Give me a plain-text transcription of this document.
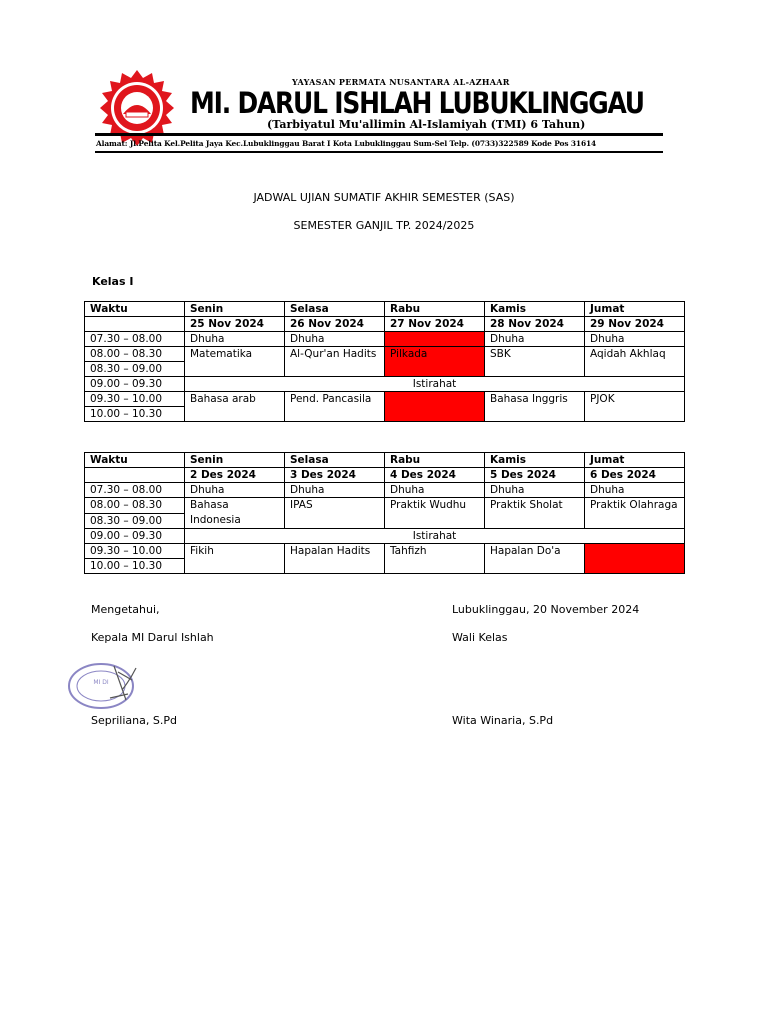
YAYASAN PERMATA NUSANTARA AL-AZHAAR
MI. DARUL ISHLAH LUBUKLINGGAU
(Tarbiyatul Mu'allimin Al-Islamiyah (TMI) 6 Tahun)
Alamat: Jl.Pelita Kel.Pelita Jaya Kec.Lubuklinggau Barat I Kota Lubuklinggau Sum-Sel Telp. (0733)322589 Kode Pos 31614
JADWAL UJIAN SUMATIF AKHIR SEMESTER (SAS)
SEMESTER GANJIL TP. 2024/2025
Kelas I
Waktu	Senin	Selasa	Rabu	Kamis	Jumat
	25 Nov 2024	26 Nov 2024	27 Nov 2024	28 Nov 2024	29 Nov 2024
07.30 – 08.00	Dhuha	Dhuha		Dhuha	Dhuha
08.00 – 08.30	Matematika	Al-Qur'an Hadits	Pilkada	SBK	Aqidah Akhlaq
08.30 – 09.00					
09.00 – 09.30	Istirahat				
09.30 – 10.00	Bahasa arab	Pend. Pancasila		Bahasa Inggris	PJOK
10.00 – 10.30					
Waktu	Senin	Selasa	Rabu	Kamis	Jumat
	2 Des 2024	3 Des 2024	4 Des 2024	5 Des 2024	6 Des 2024
07.30 – 08.00	Dhuha	Dhuha	Dhuha	Dhuha	Dhuha
08.00 – 08.30	Bahasa Indonesia	IPAS	Praktik Wudhu	Praktik Sholat	Praktik Olahraga
08.30 – 09.00					
09.00 – 09.30	Istirahat				
09.30 – 10.00	Fikih	Hapalan Hadits	Tahfizh	Hapalan Do'a	
10.00 – 10.30					
Mengetahui,
Kepala MI Darul Ishlah
MI DI
Sepriliana, S.Pd
Lubuklinggau, 20 November 2024
Wali Kelas
Wita Winaria, S.Pd
